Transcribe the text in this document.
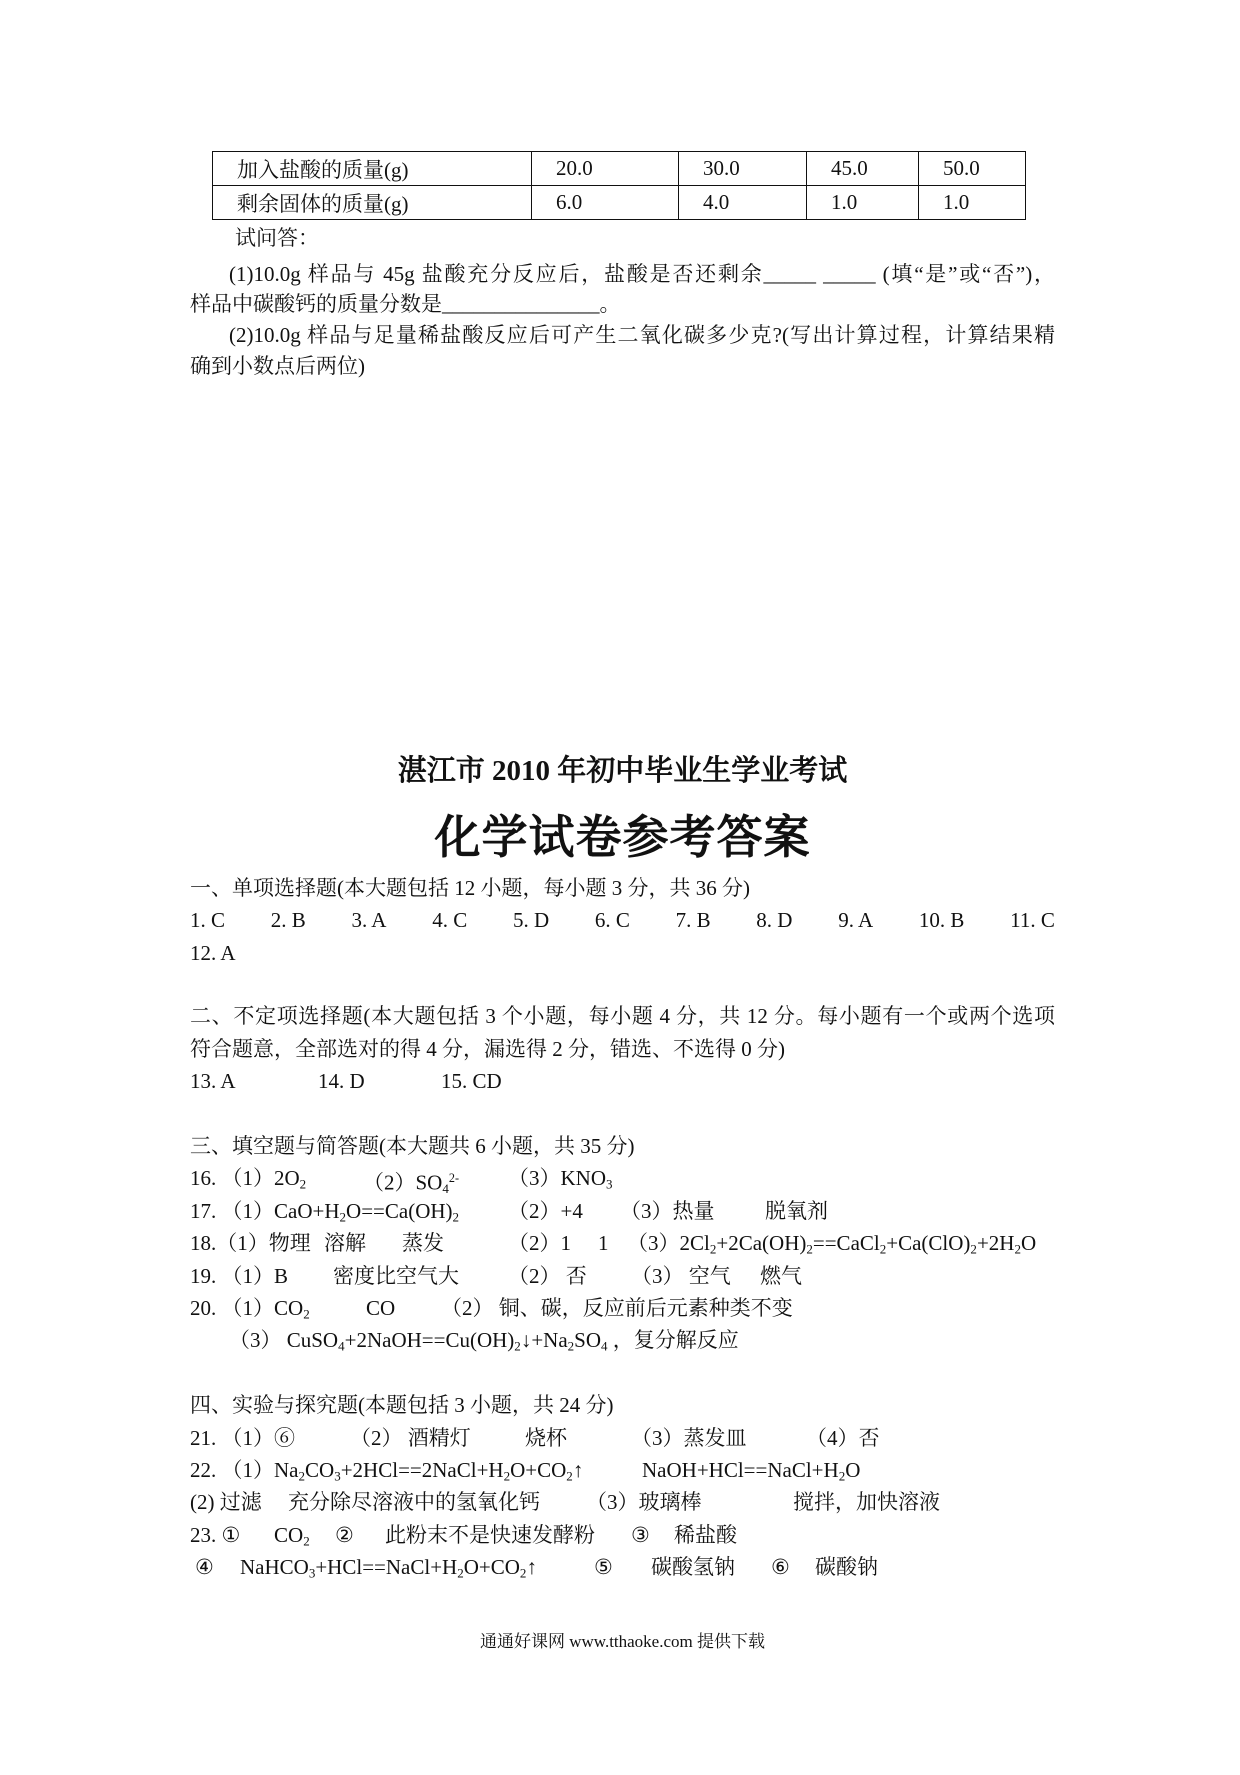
加入盐酸的质量(g)	20.0	30.0	45.0	50.0
剩余固体的质量(g)	6.0	4.0	1.0	1.0
试问答：
(1)10.0g 样品与 45g 盐酸充分反应后，盐酸是否还剩余_____ _____ (填“是”或“否”)，
样品中碳酸钙的质量分数是_______________。
(2)10.0g 样品与足量稀盐酸反应后可产生二氧化碳多少克?(写出计算过程，计算结果精
确到小数点后两位)
湛江市 2010 年初中毕业生学业考试
化学试卷参考答案
一、单项选择题(本大题包括 12 小题，每小题 3 分，共 36 分)
1. C 2. B 3. A 4. C 5. D 6. C 7. B 8. D 9. A 10. B 11. C
12. A
二、不定项选择题(本大题包括 3 个小题，每小题 4 分，共 12 分。每小题有一个或两个选项
符合题意，全部选对的得 4 分，漏选得 2 分，错选、不选得 0 分)

13. A

	14. D

	15. CD

三、填空题与简答题(本大题共 6 小题，共 35 分)

16. $(1)2O_2$

	$(2)SO_4^{2-}$

$(3)KNO_3$

17. $(1)CaO+H_2O==Ca(OH)_2$

（2）+4

（3）热量

脱氧剂

18.（1）物理

溶解

蒸发

	（2）1

1

$(3)2Cl_2+2Ca(OH)_2==CaCl_2+Ca(ClO)_2+2H_2O$

19. （1）B

密度比空气大

（2） 否

（3） 空气

燃气

20. $(1)CO_2$

	CO

（2） 铜、碳，反应前后元素种类不变

（3） $CuSO_4+2NaOH==Cu(OH)_2↓+Na_2SO_4$ ，复分解反应

四、实验与探究题(本题包括 3 小题，共 24 分)

21. （1）⑥

	（2） 酒精灯

	烧杯

	（3）蒸发皿

	（4）否

22. $(1)Na_2CO_3+2HCl==2NaCl+H_2O+CO_2↑$

	$NaOH+HCl==NaCl+H_2O$

(2) 过滤

充分除尽溶液中的氢氧化钙

（3）玻璃棒

	搅拌，加快溶液

23. ①

$CO_2$

②

此粉末不是快速发酵粉

③

稀盐酸

④

$NaHCO_3+HCl==NaCl+H_2O+CO_2↑$

	⑤

碳酸氢钠

⑥

碳酸钠

通通好课网 www.tthaoke.com 提供下载
